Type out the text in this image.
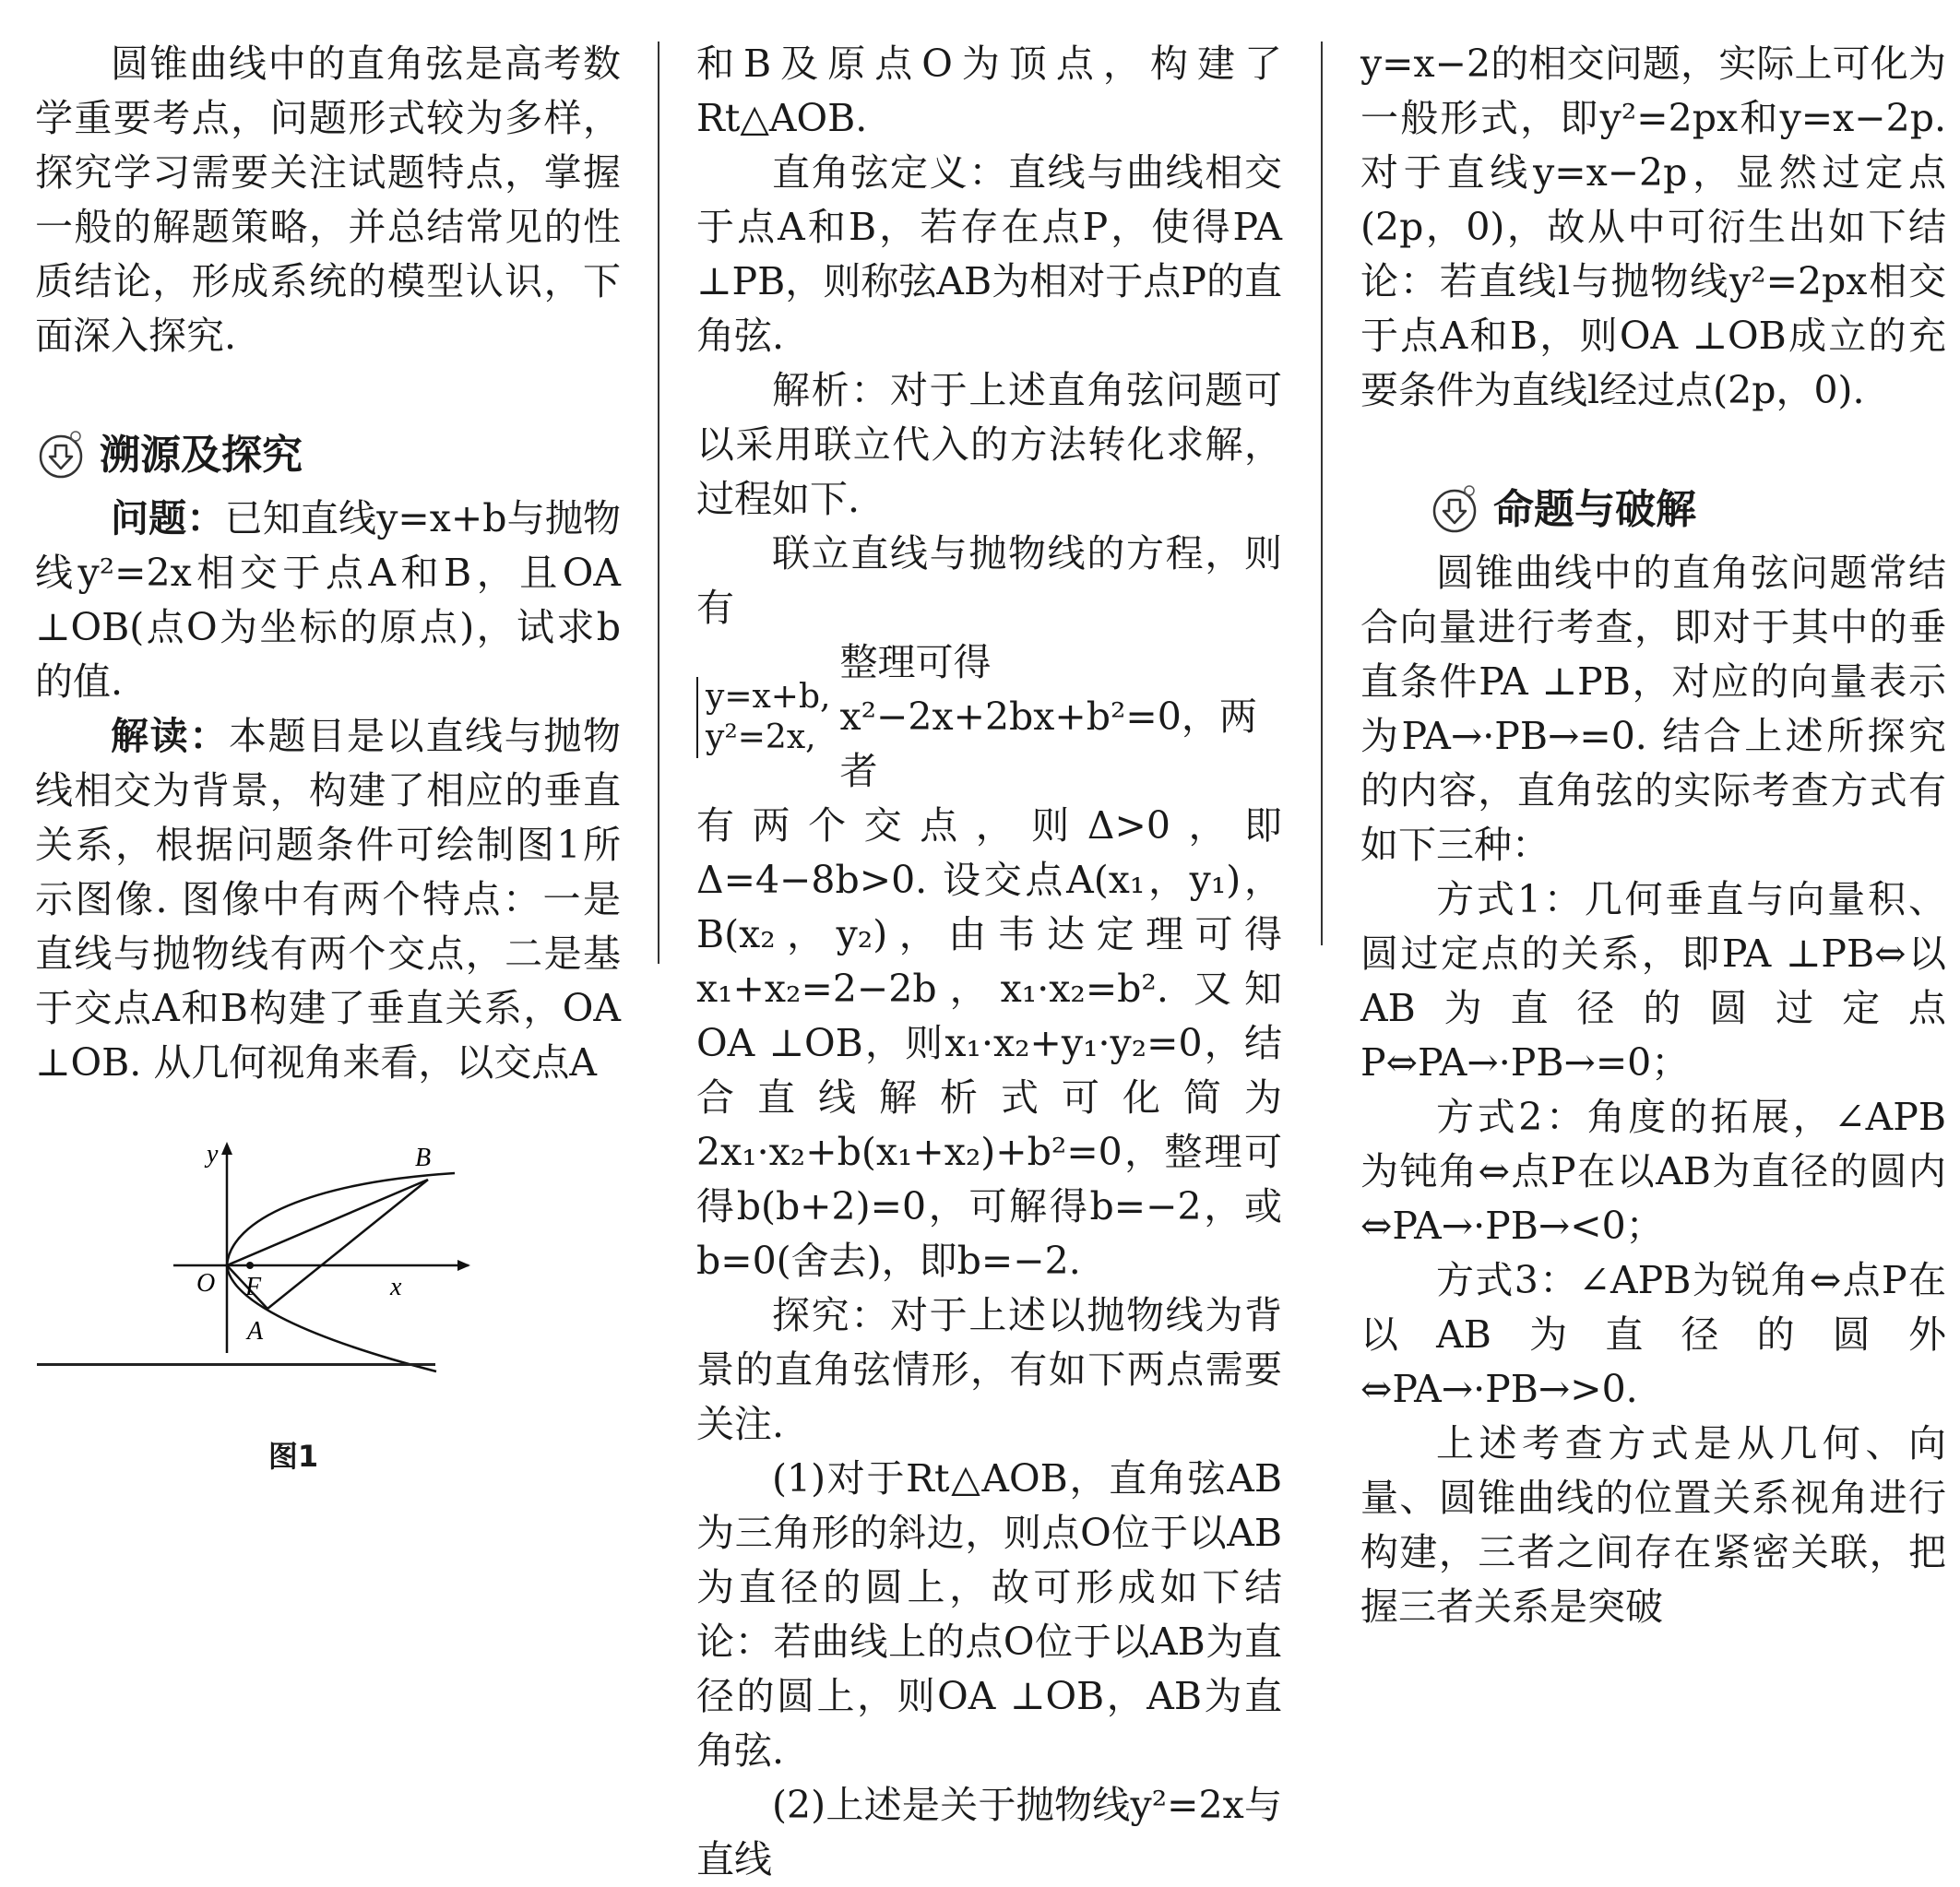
圆锥曲线中的直角弦是高考数学重要考点，问题形式较为多样，探究学习需要关注试题特点，掌握一般的解题策略，并总结常见的性质结论，形成系统的模型认识，下面深入探究.

溯源及探究

问题：已知直线y=x+b与抛物线y²=2x相交于点A和B，且OA ⊥OB(点O为坐标的原点)，试求b的值.

解读：本题目是以直线与抛物线相交为背景，构建了相应的垂直关系，根据问题条件可绘制图1所示图像. 图像中有两个特点：一是直线与抛物线有两个交点，二是基于交点A和B构建了垂直关系，OA ⊥OB. 从几何视角来看，以交点A

y
O F	x
B
A
图1

和B及原点O为顶点，构建了Rt△AOB.

直角弦定义：直线与曲线相交于点A和B，若存在点P，使得PA ⊥PB，则称弦AB为相对于点P的直角弦.

解析：对于上述直角弦问题可以采用联立代入的方法转化求解，过程如下.

联立直线与抛物线的方程，则有

y=x+b,
y²=2x,
整理可得x²−2x+2bx+b²=0，两者

有两个交点，则Δ>0，即Δ=4−8b>0. 设交点A(x₁，y₁)，B(x₂，y₂)，由韦达定理可得x₁+x₂=2−2b，x₁·x₂=b². 又知OA ⊥OB，则x₁·x₂+y₁·y₂=0，结合直线解析式可化简为2x₁·x₂+b(x₁+x₂)+b²=0，整理可得b(b+2)=0，可解得b=−2，或b=0(舍去)，即b=−2.

探究：对于上述以抛物线为背景的直角弦情形，有如下两点需要关注.

(1)对于Rt△AOB，直角弦AB为三角形的斜边，则点O位于以AB为直径的圆上，故可形成如下结论：若曲线上的点O位于以AB为直径的圆上，则OA ⊥OB，AB为直角弦.

(2)上述是关于抛物线y²=2x与直线

y=x−2的相交问题，实际上可化为一般形式，即y²=2px和y=x−2p. 对于直线y=x−2p，显然过定点(2p，0)，故从中可衍生出如下结论：若直线l与抛物线y²=2px相交于点A和B，则OA ⊥OB成立的充要条件为直线l经过点(2p，0).

命题与破解

圆锥曲线中的直角弦问题常结合向量进行考查，即对于其中的垂直条件PA ⊥PB，对应的向量表示为PA→·PB→=0. 结合上述所探究的内容，直角弦的实际考查方式有如下三种：

方式1：几何垂直与向量积、圆过定点的关系，即PA ⊥PB⇔以AB为直径的圆过定点P⇔PA→·PB→=0；

方式2：角度的拓展，∠APB为钝角⇔点P在以AB为直径的圆内⇔PA→·PB→<0；

方式3：∠APB为锐角⇔点P在以AB为直径的圆外⇔PA→·PB→>0.

上述考查方式是从几何、向量、圆锥曲线的位置关系视角进行构建，三者之间存在紧密关联，把握三者关系是突破
